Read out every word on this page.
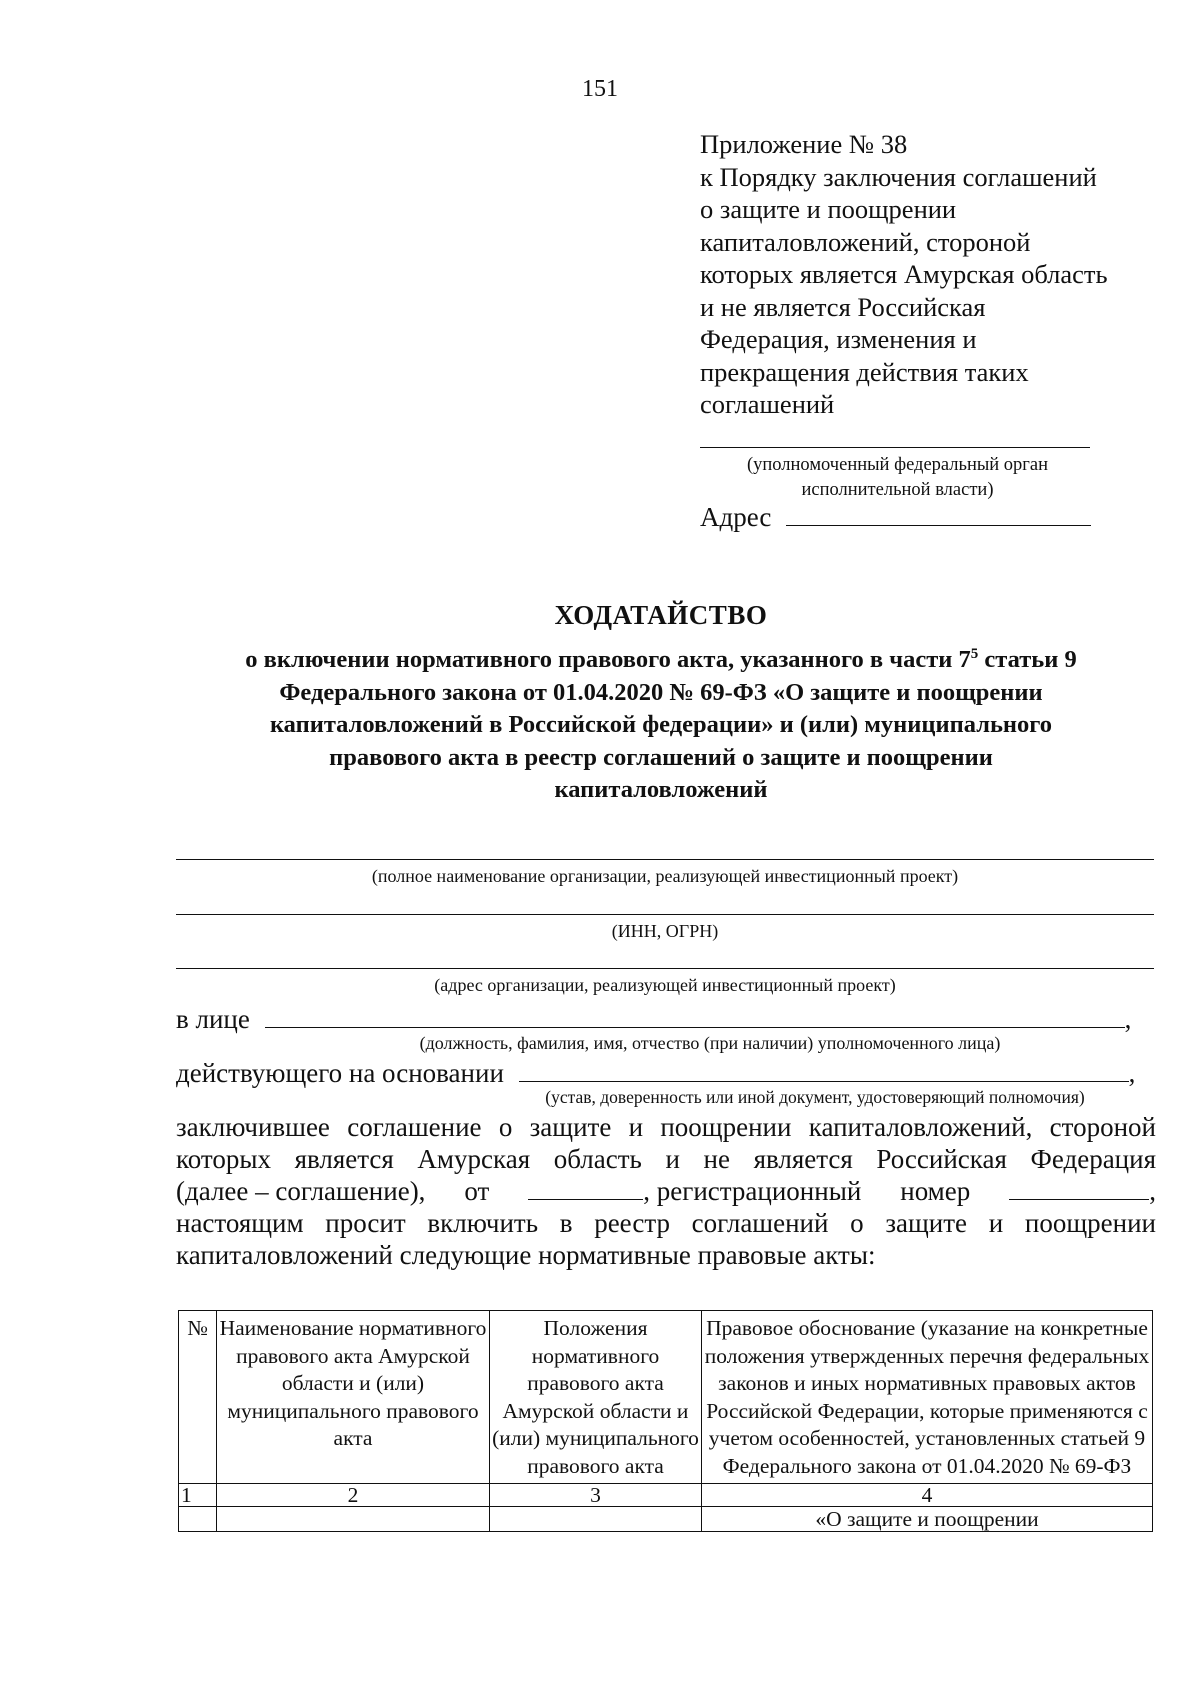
151
Приложение № 38
к Порядку заключения соглашений
о защите и поощрении
капиталовложений, стороной
которых является Амурская область
и не является Российская
Федерация, изменения и
прекращения действия таких
соглашений
(уполномоченный федеральный орган
исполнительной власти)
Адрес
ХОДАТАЙСТВО
о включении нормативного правового акта, указанного в части $7^5$ статьи 9
Федерального закона от 01.04.2020 № 69-ФЗ «О защите и поощрении
капиталовложений в Российской федерации» и (или) муниципального
правового акта в реестр соглашений о защите и поощрении
капиталовложений
(полное наименование организации, реализующей инвестиционный проект)
(ИНН, ОГРН)
(адрес организации, реализующей инвестиционный проект)
в лице	,
(должность, фамилия, имя, отчество (при наличии) уполномоченного лица)
действующего на основании	,
(устав, доверенность или иной документ, удостоверяющий полномочия)
заключившее соглашение о защите и поощрении капиталовложений, стороной
которых является Амурская область и не является Российская Федерация
(далее – соглашение), от	, регистрационный номер	,
настоящим просит включить в реестр соглашений о защите и поощрении
капиталовложений следующие нормативные правовые акты:
№	Наименование нормативного правового акта Амурской области и (или) муниципального правового акта	Положения нормативного правового акта Амурской области и (или) муниципального правового акта	Правовое обоснование (указание на конкретные положения утвержденных перечня федеральных законов и иных нормативных правовых актов Российской Федерации, которые применяются с учетом особенностей, установленных статьей 9 Федерального закона от 01.04.2020 № 69-ФЗ
1	2	3	4
			«О защите и поощрении
